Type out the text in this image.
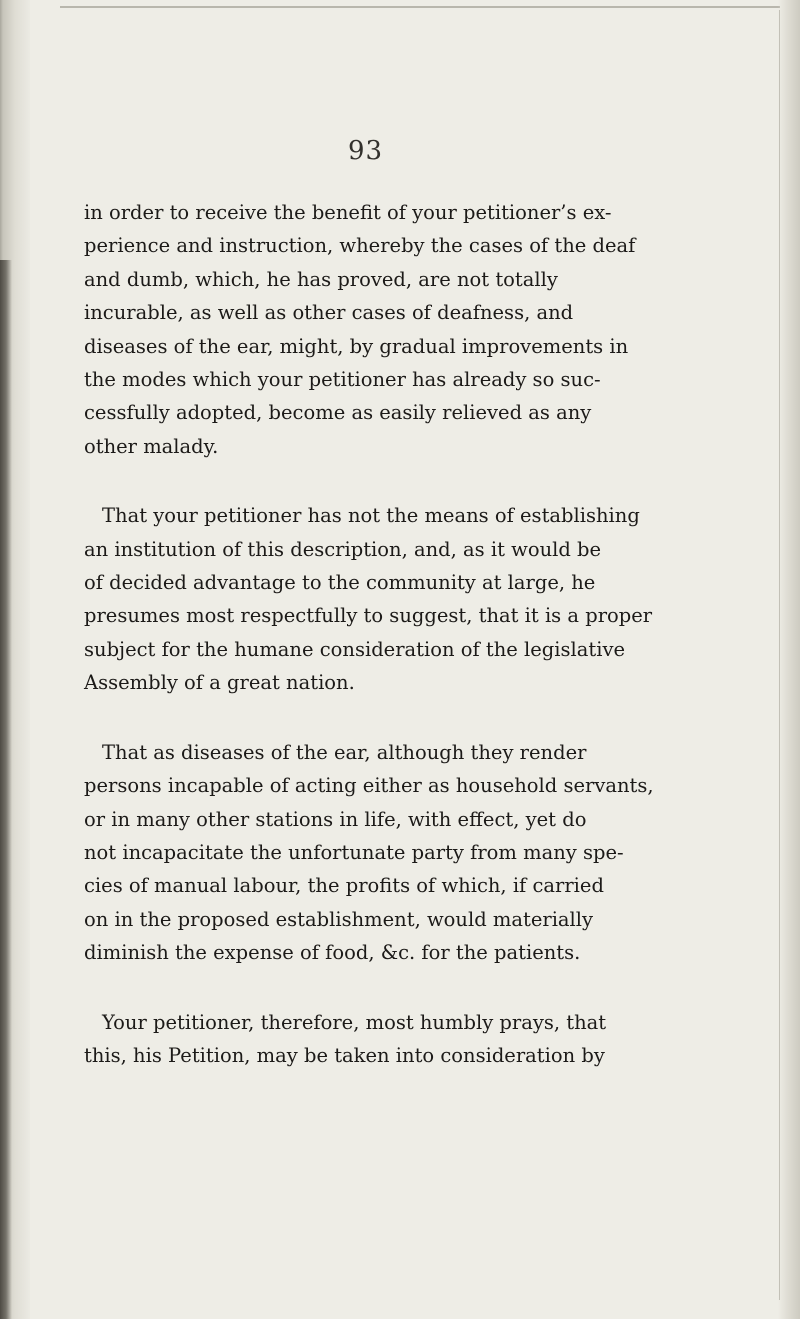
93

in order to receive the benefit of your petitioner’s ex-
perience and instruction, whereby the cases of the deaf
and dumb, which, he has proved, are not totally
incurable, as well as other cases of deafness, and
diseases of the ear, might, by gradual improvements in
the modes which your petitioner has already so suc-
cessfully adopted, become as easily relieved as any
other malady.

That your petitioner has not the means of establishing
an institution of this description, and, as it would be
of decided advantage to the community at large, he
presumes most respectfully to suggest, that it is a proper
subject for the humane consideration of the legislative
Assembly of a great nation.

That as diseases of the ear, although they render
persons incapable of acting either as household servants,
or in many other stations in life, with effect, yet do
not incapacitate the unfortunate party from many spe-
cies of manual labour, the profits of which, if carried
on in the proposed establishment, would materially
diminish the expense of food, &c. for the patients.

Your petitioner, therefore, most humbly prays, that
this, his Petition, may be taken into consideration by
